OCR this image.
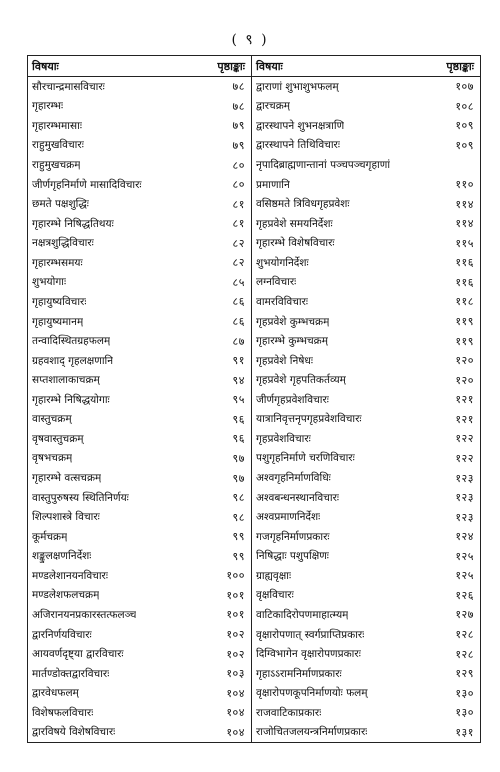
( ९ )
विषयाः	पृष्ठाङ्काः
सौरचान्द्रमासविचारः	७८
गृहारम्भः	७८
गृहारम्भमासाः	७९
राहुमुखविचारः	७९
राहुमुखचक्रम्	८०
जीर्णगृहनिर्माणे मासादिविचारः	८०
छमते पक्षशुद्धिः	८१
गृहारम्भे निषिद्धतिथयः	८१
नक्षत्रशुद्धिविचारः	८२
गृहारम्भसमयः	८२
शुभयोगाः	८५
गृहायुष्यविचारः	८६
गृहायुष्यमानम्	८६
तन्वादिस्थितग्रहफलम्	८७
ग्रहवशाद् गृहलक्षणानि	९१
सप्तशालाकाचक्रम्	९४
गृहारम्भे निषिद्धयोगाः	९५
वास्तुचक्रम्	९६
वृषवास्तुचक्रम्	९६
वृषभचक्रम्	९७
गृहारम्भे वत्सचक्रम्	९७
वास्तुपुरुषस्य स्थितिनिर्णयः	९८
शिल्पशास्त्रे विचारः	९८
कूर्मचक्रम्	९९
शङ्कुलक्षणनिर्देशः	९९
मण्डलेशानयनविचारः	१००
मण्डलेशफलचक्रम्	१०१
अजिरानयनप्रकारस्तत्फलञ्च	१०१
द्वारनिर्णयविचारः	१०२
आयवर्णदृष्ट्या द्वारविचारः	१०२
मार्तण्डोक्तद्वारविचारः	१०३
द्वारवेधफलम्	१०४
विशेषफलविचारः	१०४
द्वारविषये विशेषविचारः	१०४
विषयाः	पृष्ठाङ्काः
द्वाराणां शुभाशुभफलम्	१०७
द्वारचक्रम्	१०८
द्वारस्थापने शुभनक्षत्राणि	१०९
द्वारस्थापने तिथिविचारः	१०९
नृपादिब्राह्मणान्तानां पञ्चपञ्चगृहाणां
प्रमाणानि	११०
वसिष्ठमते त्रिविधगृहप्रवेशः	११४
गृहप्रवेशे समयनिर्देशः	११४
गृहारम्भे विशेषविचारः	११५
शुभयोगनिर्देशः	११६
लग्नविचारः	११६
वामरविविचारः	११८
गृहप्रवेशे कुम्भचक्रम्	११९
गृहारम्भे कुम्भचक्रम्	११९
गृहप्रवेशे निषेधः	१२०
गृहप्रवेशे गृहपतिकर्तव्यम्	१२०
जीर्णगृहप्रवेशविचारः	१२१
यात्रानिवृत्तनृपगृहप्रवेशविचारः	१२१
गृहप्रवेशविचारः	१२२
पशुगृहनिर्माणे चरणिविचारः	१२२
अश्वगृहनिर्माणविधिः	१२३
अश्वबन्धनस्थानविचारः	१२३
अश्वप्रमाणनिर्देशः	१२३
गजगृहनिर्माणप्रकारः	१२४
निषिद्धाः पशुपक्षिणः	१२५
ग्राह्यवृक्षाः	१२५
वृक्षविचारः	१२६
वाटिकादिरोपणमाहात्म्यम्	१२७
वृक्षारोपणात् स्वर्गप्राप्तिप्रकारः	१२८
दिग्विभागेन वृक्षारोपणप्रकारः	१२८
गृहाऽऽरामनिर्माणप्रकारः	१२९
वृक्षारोपणकूपनिर्माणयोः फलम्	१३०
राजवाटिकाप्रकारः	१३०
राजोचितजलयन्त्रनिर्माणप्रकारः	१३१
